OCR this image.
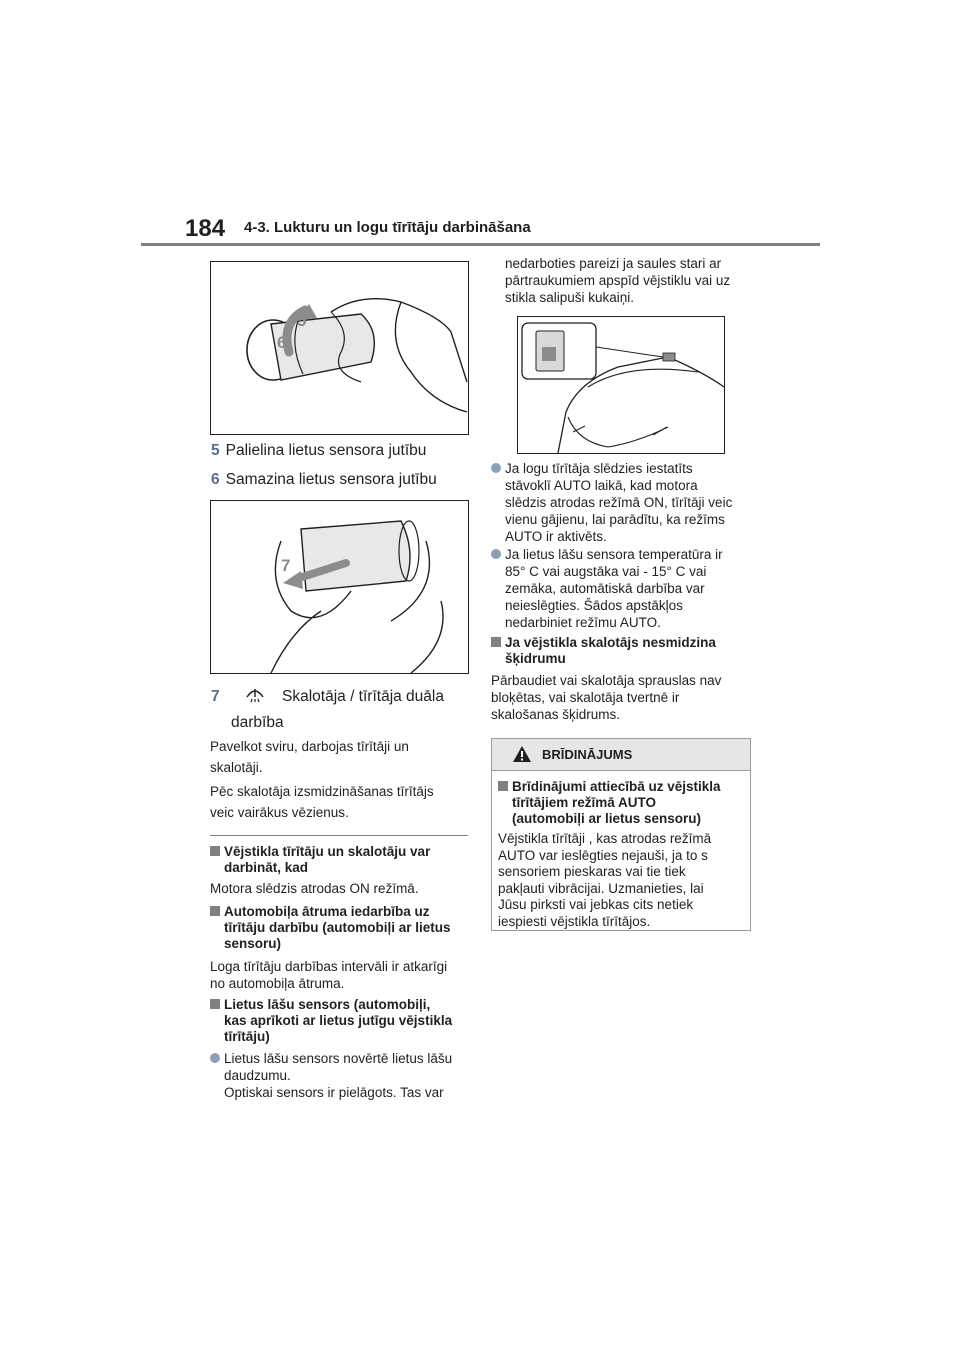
184 4-3. Lukturu un logu tīrītāju darbināšana
5
6
5 Palielina lietus sensora jutību
6 Samazina lietus sensora jutību
7
7	Skalotāja / tīrītāja duāla
darbība
Pavelkot sviru, darbojas tīrītāji un
skalotāji.
Pēc skalotāja izsmidzināšanas tīrītājs
veic vairākus vēzienus.
Vējstikla tīrītāju un skalotāju var
darbināt, kad
Motora slēdzis atrodas ON režīmā.
Automobiļa ātruma iedarbība uz
tīrītāju darbību (automobiļi ar lietus
sensoru)
Loga tīrītāju darbības intervāli ir atkarīgi
no automobiļa ātruma.
Lietus lāšu sensors (automobiļi,
kas aprīkoti ar lietus jutīgu vējstikla
tīrītāju)
Lietus lāšu sensors novērtē lietus lāšu
daudzumu.
Optiskai sensors ir pielāgots. Tas var
nedarboties pareizi ja saules stari ar
pārtraukumiem apspīd vējstiklu vai uz
stikla salipuši kukaiņi.
Ja logu tīrītāja slēdzies iestatīts
stāvoklī AUTO laikā, kad motora
slēdzis atrodas režīmā ON, tīrītāji veic
vienu gājienu, lai parādītu, ka režīms
AUTO ir aktivēts.
Ja lietus lāšu sensora temperatūra ir
85° C vai augstāka vai - 15° C vai
zemāka, automātiskā darbība var
neieslēgties. Šādos apstākļos
nedarbiniet režīmu AUTO.
Ja vējstikla skalotājs nesmidzina
šķidrumu
Pārbaudiet vai skalotāja sprauslas nav
bloķētas, vai skalotāja tvertnē ir
skalošanas šķidrums.
BRĪDINĀJUMS
Brīdinājumi attiecībā uz vējstikla
tīrītājiem režīmā AUTO
(automobiļi ar lietus sensoru)
Vējstikla tīrītāji , kas atrodas režīmā
AUTO var ieslēgties nejauši, ja to s
sensoriem pieskaras vai tie tiek
pakļauti vibrācijai. Uzmanieties, lai
Jūsu pirksti vai jebkas cits netiek
iespiesti vējstikla tīrītājos.
